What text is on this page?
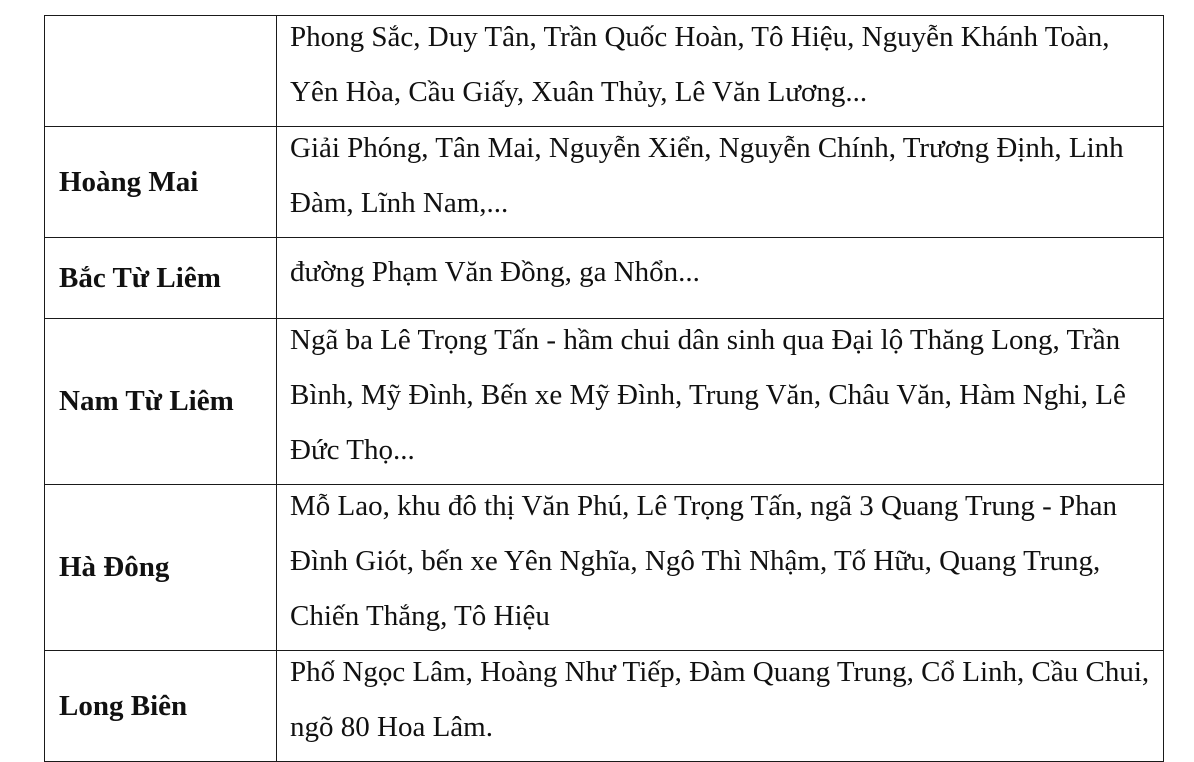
	Phong Sắc, Duy Tân, Trần Quốc Hoàn, Tô Hiệu, Nguyễn Khánh Toàn, Yên Hòa, Cầu Giấy, Xuân Thủy, Lê Văn Lương...

Hoàng Mai	Giải Phóng, Tân Mai, Nguyễn Xiển, Nguyễn Chính, Trương Định, Linh Đàm, Lĩnh Nam,...

Bắc Từ Liêm	đường Phạm Văn Đồng, ga Nhổn...

Nam Từ Liêm	Ngã ba Lê Trọng Tấn - hầm chui dân sinh qua Đại lộ Thăng Long, Trần Bình, Mỹ Đình, Bến xe Mỹ Đình, Trung Văn, Châu Văn, Hàm Nghi, Lê Đức Thọ...

Hà Đông	Mỗ Lao, khu đô thị Văn Phú, Lê Trọng Tấn, ngã 3 Quang Trung - Phan Đình Giót, bến xe Yên Nghĩa, Ngô Thì Nhậm, Tố Hữu, Quang Trung, Chiến Thắng, Tô Hiệu

Long Biên	Phố Ngọc Lâm, Hoàng Như Tiếp, Đàm Quang Trung, Cổ Linh, Cầu Chui, ngõ 80 Hoa Lâm.
